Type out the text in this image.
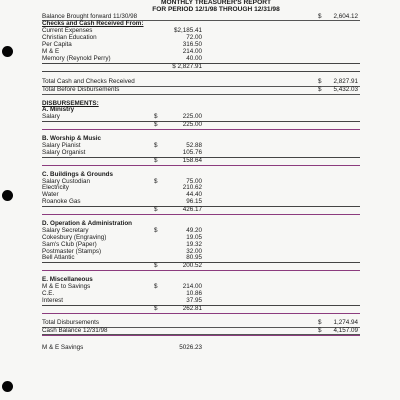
MONTHLY TREASURER'S REPORT
FOR PERIOD 12/1/98 THROUGH 12/31/98
Balance Brought forward 11/30/98	$ 2,604.12
Checks and Cash Received From:
Current Expenses	$2,185.41
Christian Education	72.00
Per Capita	316.50
M & E	214.00
Memory (Reynold Perry)	40.00
$ 2,827.91
Total Cash and Checks Received	$ 2,827.91
Total Before Disbursements	$ 5,432.03
DISBURSEMENTS:
A. Ministry
Salary	$	225.00
$	225.00
B. Worship & Music
Salary Pianist	$	52.88
Salary Organist	105.76
$	158.64
C. Buildings & Grounds
Salary Custodian	$	75.00
Electricity	210.62
Water	44.40
Roanoke Gas	96.15
$	426.17
D. Operation & Administration
Salary Secretary	$	49.20
Cokesbury (Engraving)	19.05
Sam's Club (Paper)	19.32
Postmaster (Stamps)	32.00
Bell Atlantic	80.95
$	200.52
E. Miscellaneous
M & E to Savings	$	214.00
C.E.	10.86
Interest	37.95
$	262.81
Total Disbursements	$ 1,274.94
Cash Balance 12/31/98	$ 4,157.09
M & E Savings	5026.23
